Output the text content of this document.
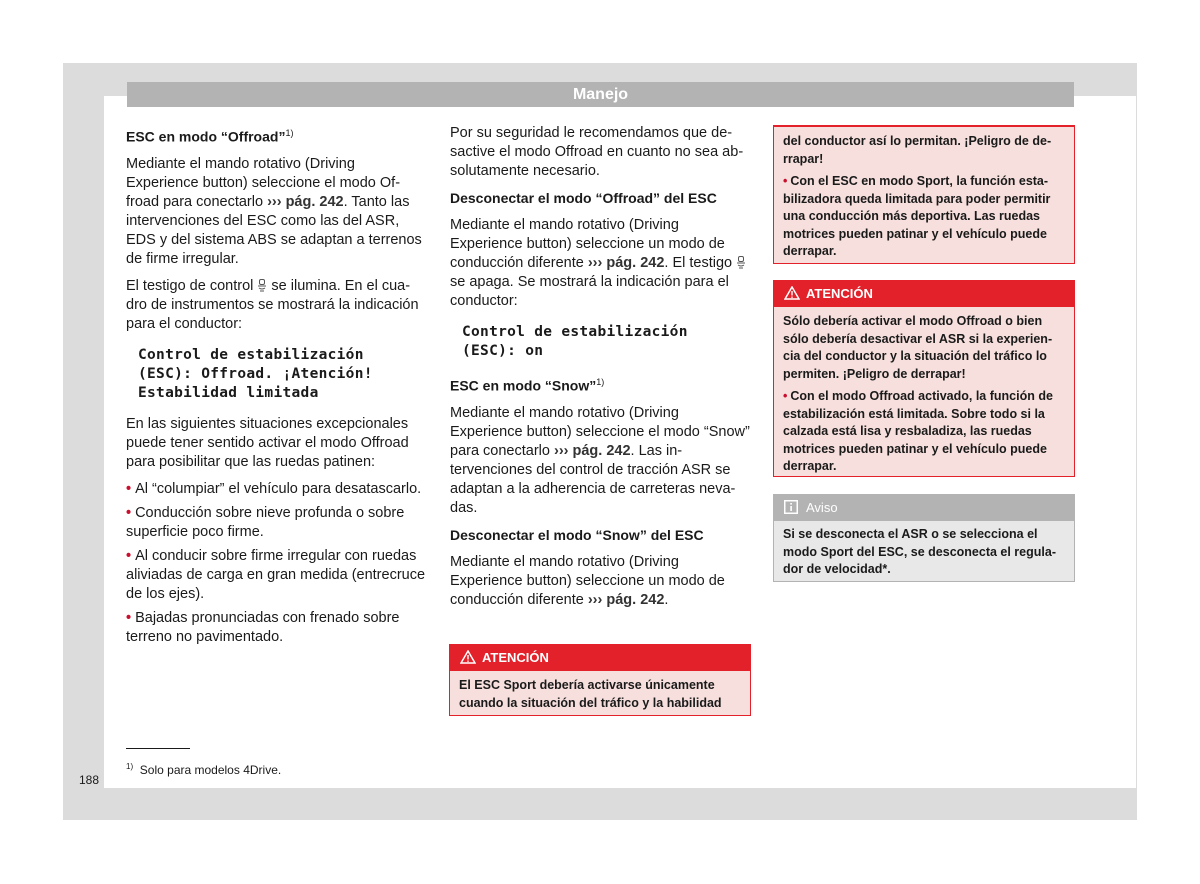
Manejo
ESC en modo “Offroad”$^{1)}$

Mediante el mando rotativo (Driving Experience button) seleccione el modo Offroad para conectarlo ››› pág. 242. Tanto las intervenciones del ESC como las del ASR, EDS y del sistema ABS se adaptan a terrenos de firme irregular.

El testigo de control  se ilumina. En el cuadro de instrumentos se mostrará la indicación para el conductor:

Control de estabilización (ESC): Offroad. ¡Atención! Estabilidad limitada

En las siguientes situaciones excepcionales puede tener sentido activar el modo Offroad para posibilitar que las ruedas patinen:

• Al “columpiar” el vehículo para desatascarlo.
• Conducción sobre nieve profunda o sobre superficie poco firme.
• Al conducir sobre firme irregular con ruedas aliviadas de carga en gran medida (entrecruce de los ejes).
• Bajadas pronunciadas con frenado sobre terreno no pavimentado.

Por su seguridad le recomendamos que desactive el modo Offroad en cuanto no sea absolutamente necesario.

Desconectar el modo “Offroad” del ESC

Mediante el mando rotativo (Driving Experience button) seleccione un modo de conducción diferente ››› pág. 242. El testigo  se apaga. Se mostrará la indicación para el conductor:

Control de estabilización (ESC): on
ESC en modo “Snow”$^{1)}$

Mediante el mando rotativo (Driving Experience button) seleccione el modo “Snow” para conectarlo ››› pág. 242. Las intervenciones del control de tracción ASR se adaptan a la adherencia de carreteras nevadas.

Desconectar el modo “Snow” del ESC

Mediante el mando rotativo (Driving Experience button) seleccione un modo de conducción diferente ››› pág. 242.

ATENCIÓN
El ESC Sport debería activarse únicamente cuando la situación del tráfico y la habilidad

del conductor así lo permitan. ¡Peligro de derrapar!

• Con el ESC en modo Sport, la función estabilizadora queda limitada para poder permitir una conducción más deportiva. Las ruedas motrices pueden patinar y el vehículo puede derrapar.

ATENCIÓN

Sólo debería activar el modo Offroad o bien sólo debería desactivar el ASR si la experiencia del conductor y la situación del tráfico lo permiten. ¡Peligro de derrapar!

• Con el modo Offroad activado, la función de estabilización está limitada. Sobre todo si la calzada está lisa y resbaladiza, las ruedas motrices pueden patinar y el vehículo puede derrapar.

Aviso
Si se desconecta el ASR o se selecciona el modo Sport del ESC, se desconecta el regulador de velocidad*.
$^{1)}$ Solo para modelos 4Drive.
188
